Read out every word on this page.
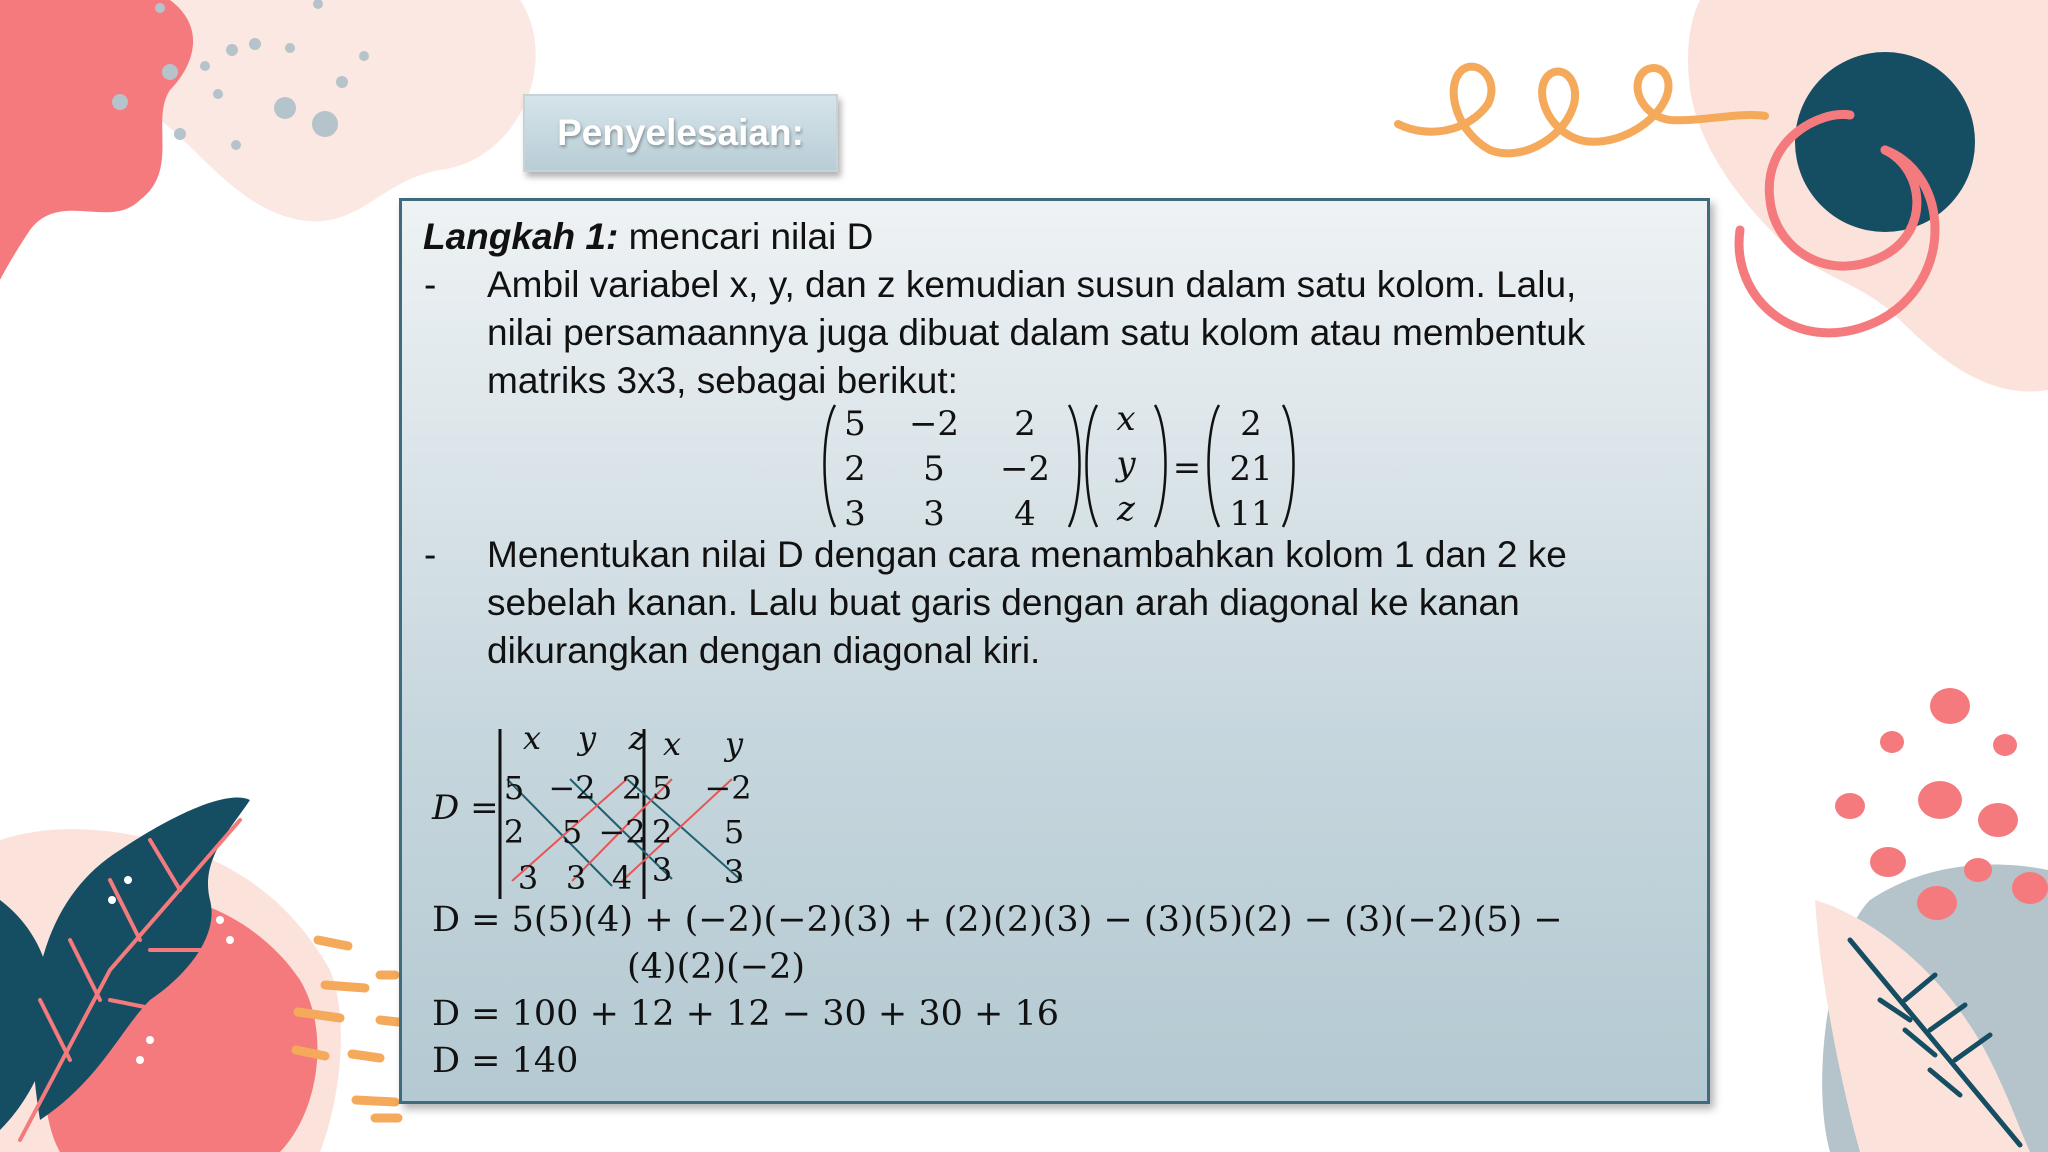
Penyelesaian:
Langkah 1: mencari nilai D
- Ambil variabel x, y, dan z kemudian susun dalam satu kolom. Lalu,
nilai persamaannya juga dibuat dalam satu kolom atau membentuk
matriks 3x3, sebagai berikut:
5 −2 2
2 5 −2
3 3 4
x
y
z
=
2
21
11
- Menentukan nilai D dengan cara menambahkan kolom 1 dan 2 ke
sebelah kanan. Lalu buat garis dengan arah diagonal ke kanan
dikurangkan dengan diagonal kiri.
D =
x y z x y
5 −2 2 5 −2
2 5 −2 2 5
3 3 4 3 3
D = 5(5)(4) + (−2)(−2)(3) + (2)(2)(3) − (3)(5)(2) − (3)(−2)(5) −
(4)(2)(−2)
D = 100 + 12 + 12 − 30 + 30 + 16
D = 140
